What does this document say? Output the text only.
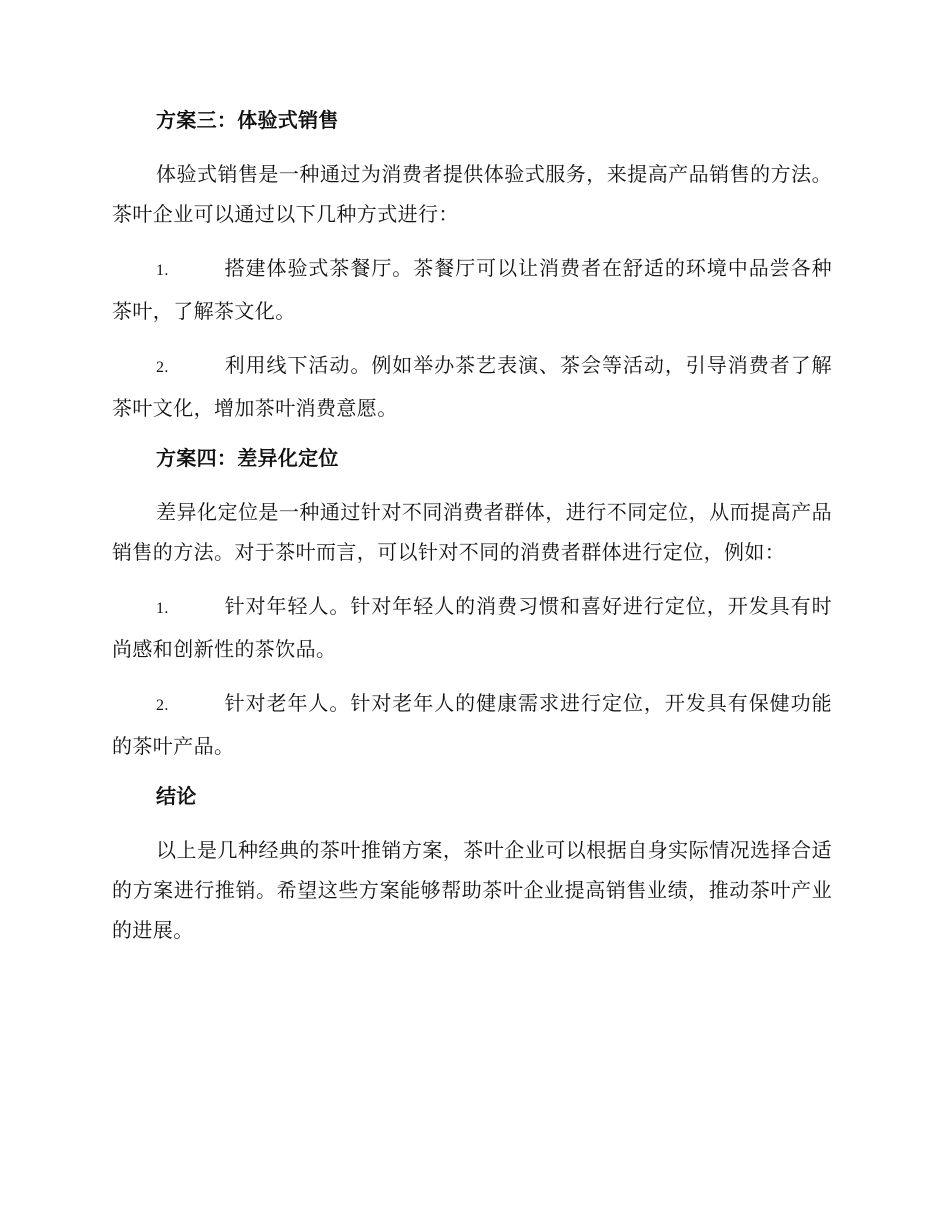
方案三：体验式销售

体验式销售是一种通过为消费者提供体验式服务，来提高产品销售的方法。茶叶企业可以通过以下几种方式进行：

1.	搭建体验式茶餐厅。茶餐厅可以让消费者在舒适的环境中品尝各种茶叶，了解茶文化。

2.	利用线下活动。例如举办茶艺表演、茶会等活动，引导消费者了解茶叶文化，增加茶叶消费意愿。

方案四：差异化定位

差异化定位是一种通过针对不同消费者群体，进行不同定位，从而提高产品销售的方法。对于茶叶而言，可以针对不同的消费者群体进行定位，例如：

1.	针对年轻人。针对年轻人的消费习惯和喜好进行定位，开发具有时尚感和创新性的茶饮品。

2.	针对老年人。针对老年人的健康需求进行定位，开发具有保健功能的茶叶产品。

结论

以上是几种经典的茶叶推销方案，茶叶企业可以根据自身实际情况选择合适的方案进行推销。希望这些方案能够帮助茶叶企业提高销售业绩，推动茶叶产业的进展。
